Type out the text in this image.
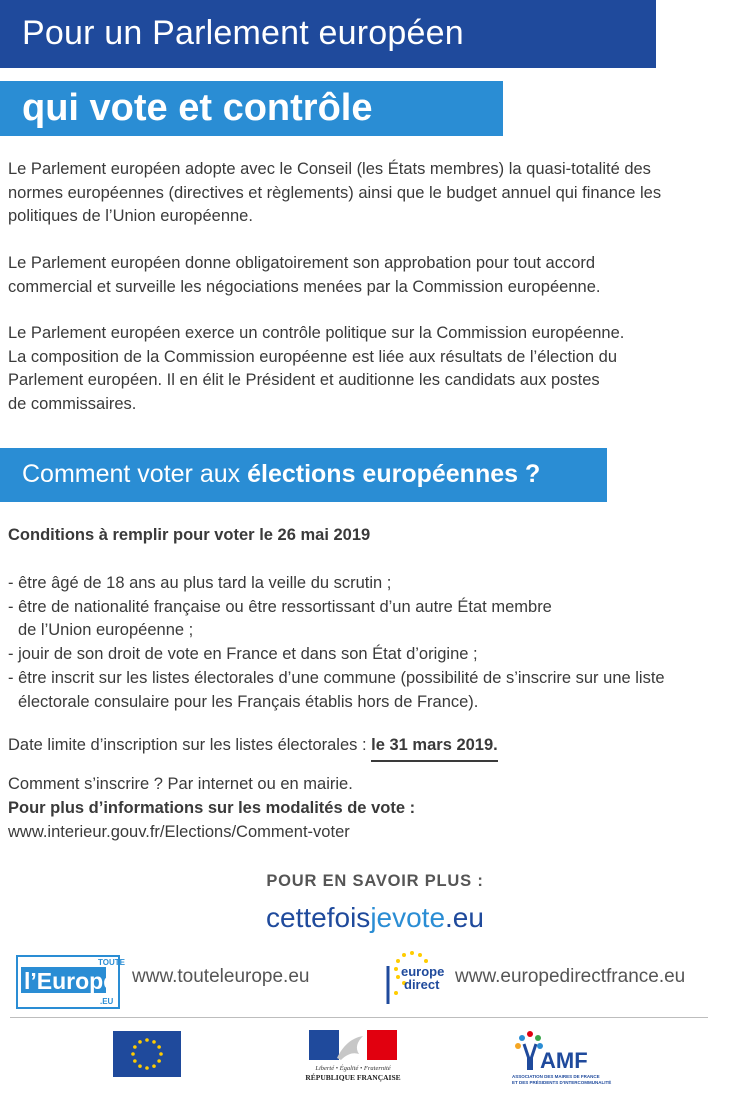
Pour un Parlement européen
qui vote et contrôle
Le Parlement européen adopte avec le Conseil (les États membres) la quasi-totalité des
normes européennes (directives et règlements) ainsi que le budget annuel qui finance les
politiques de l’Union européenne.
Le Parlement européen donne obligatoirement son approbation pour tout accord
commercial et surveille les négociations menées par la Commission européenne.
Le Parlement européen exerce un contrôle politique sur la Commission européenne.
La composition de la Commission européenne est liée aux résultats de l’élection du
Parlement européen. Il en élit le Président et auditionne les candidats aux postes
de commissaires.
Comment voter aux élections européennes ?
Conditions à remplir pour voter le 26 mai 2019
- être âgé de 18 ans au plus tard la veille du scrutin ;
- être de nationalité française ou être ressortissant d’un autre État membre
de l’Union européenne ;
- jouir de son droit de vote en France et dans son État d’origine ;
- être inscrit sur les listes électorales d’une commune (possibilité de s’inscrire sur une liste
électorale consulaire pour les Français établis hors de France).
Date limite d’inscription sur les listes électorales : le 31 mars 2019.
Comment s’inscrire ? Par internet ou en mairie.
Pour plus d’informations sur les modalités de vote :
www.interieur.gouv.fr/Elections/Comment-voter
POUR EN SAVOIR PLUS :
cettefoisjevote.eu
TOUTE
l’Europe
.EU
www.touteleurope.eu	europe
direct www.europedirectfrance.eu
Liberté • Égalité • Fraternité
RÉPUBLIQUE FRANÇAISE
AMF
ASSOCIATION DES MAIRES DE FRANCE
ET DES PRÉSIDENTS D’INTERCOMMUNALITÉ
